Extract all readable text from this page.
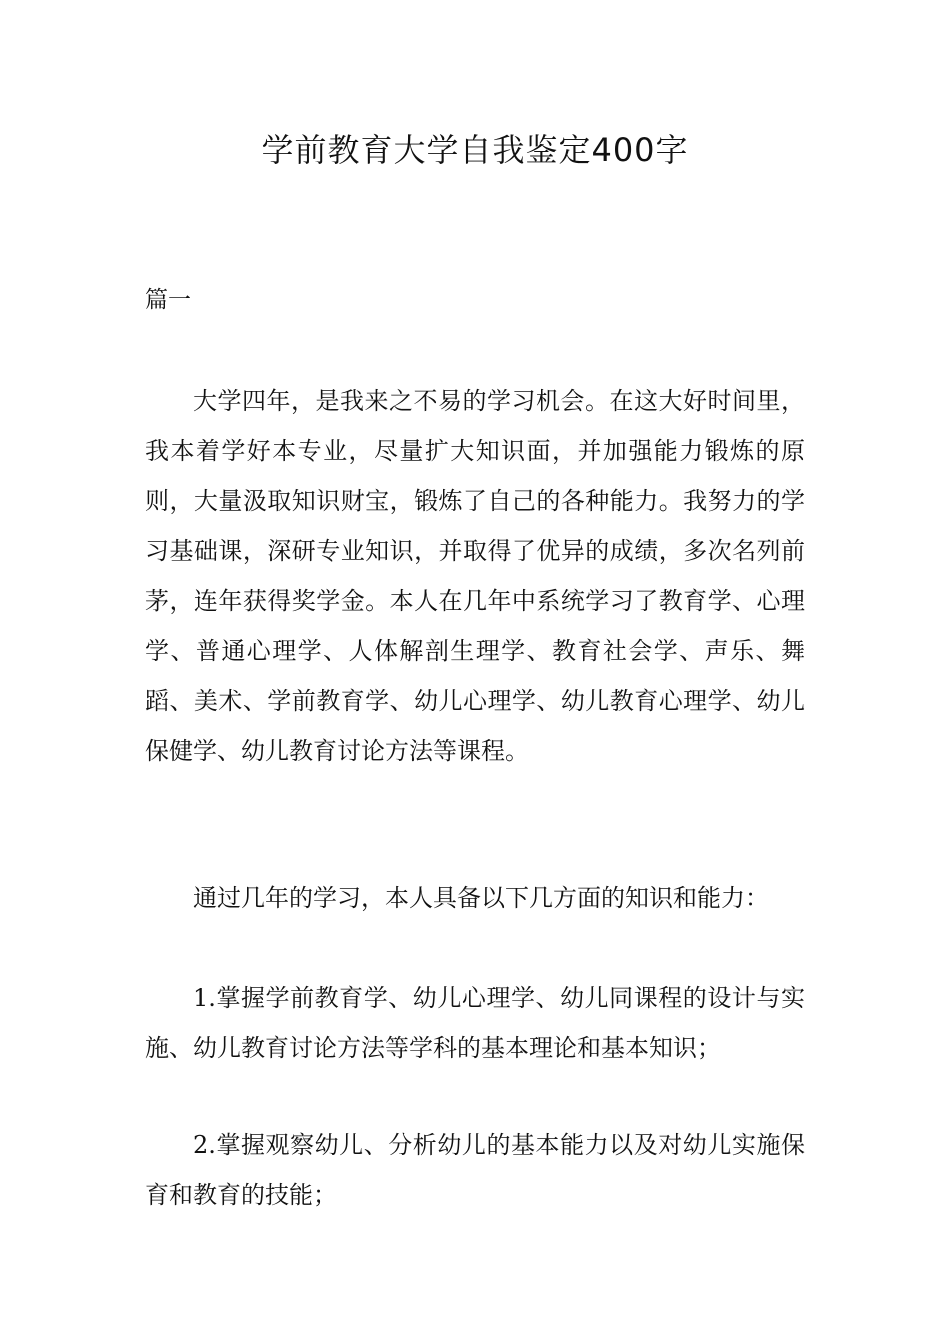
学前教育大学自我鉴定400字
篇一

大学四年，是我来之不易的学习机会。在这大好时间里，我本着学好本专业，尽量扩大知识面，并加强能力锻炼的原则，大量汲取知识财宝，锻炼了自己的各种能力。我努力的学习基础课，深研专业知识，并取得了优异的成绩，多次名列前茅，连年获得奖学金。本人在几年中系统学习了教育学、心理学、普通心理学、人体解剖生理学、教育社会学、声乐、舞蹈、美术、学前教育学、幼儿心理学、幼儿教育心理学、幼儿保健学、幼儿教育讨论方法等课程。

通过几年的学习，本人具备以下几方面的知识和能力：

1.掌握学前教育学、幼儿心理学、幼儿同课程的设计与实施、幼儿教育讨论方法等学科的基本理论和基本知识；

2.掌握观察幼儿、分析幼儿的基本能力以及对幼儿实施保育和教育的技能；
